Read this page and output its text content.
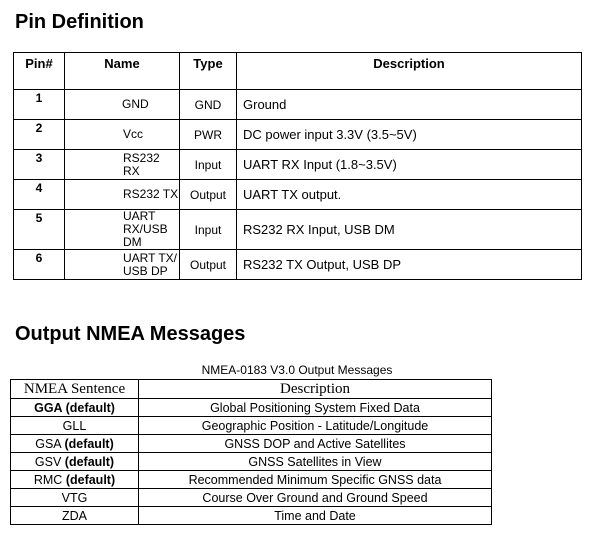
Pin Definition
Pin#	Name	Type	Description
1	GND	GND	Ground
2	Vcc	PWR	DC power input 3.3V (3.5~5V)
3	RS232 RX	Input	UART RX Input (1.8~3.5V)
4	RS232 TX	Output	UART TX output.
5	UART RX/USB DM	Input	RS232 RX Input, USB DM
6	UART TX/ USB DP	Output	RS232 TX Output, USB DP
Output NMEA Messages
NMEA-0183 V3.0 Output Messages
NMEA Sentence	Description
GGA (default)	Global Positioning System Fixed Data
GLL	Geographic Position - Latitude/Longitude
GSA (default)	GNSS DOP and Active Satellites
GSV (default)	GNSS Satellites in View
RMC (default)	Recommended Minimum Specific GNSS data
VTG	Course Over Ground and Ground Speed
ZDA	Time and Date
